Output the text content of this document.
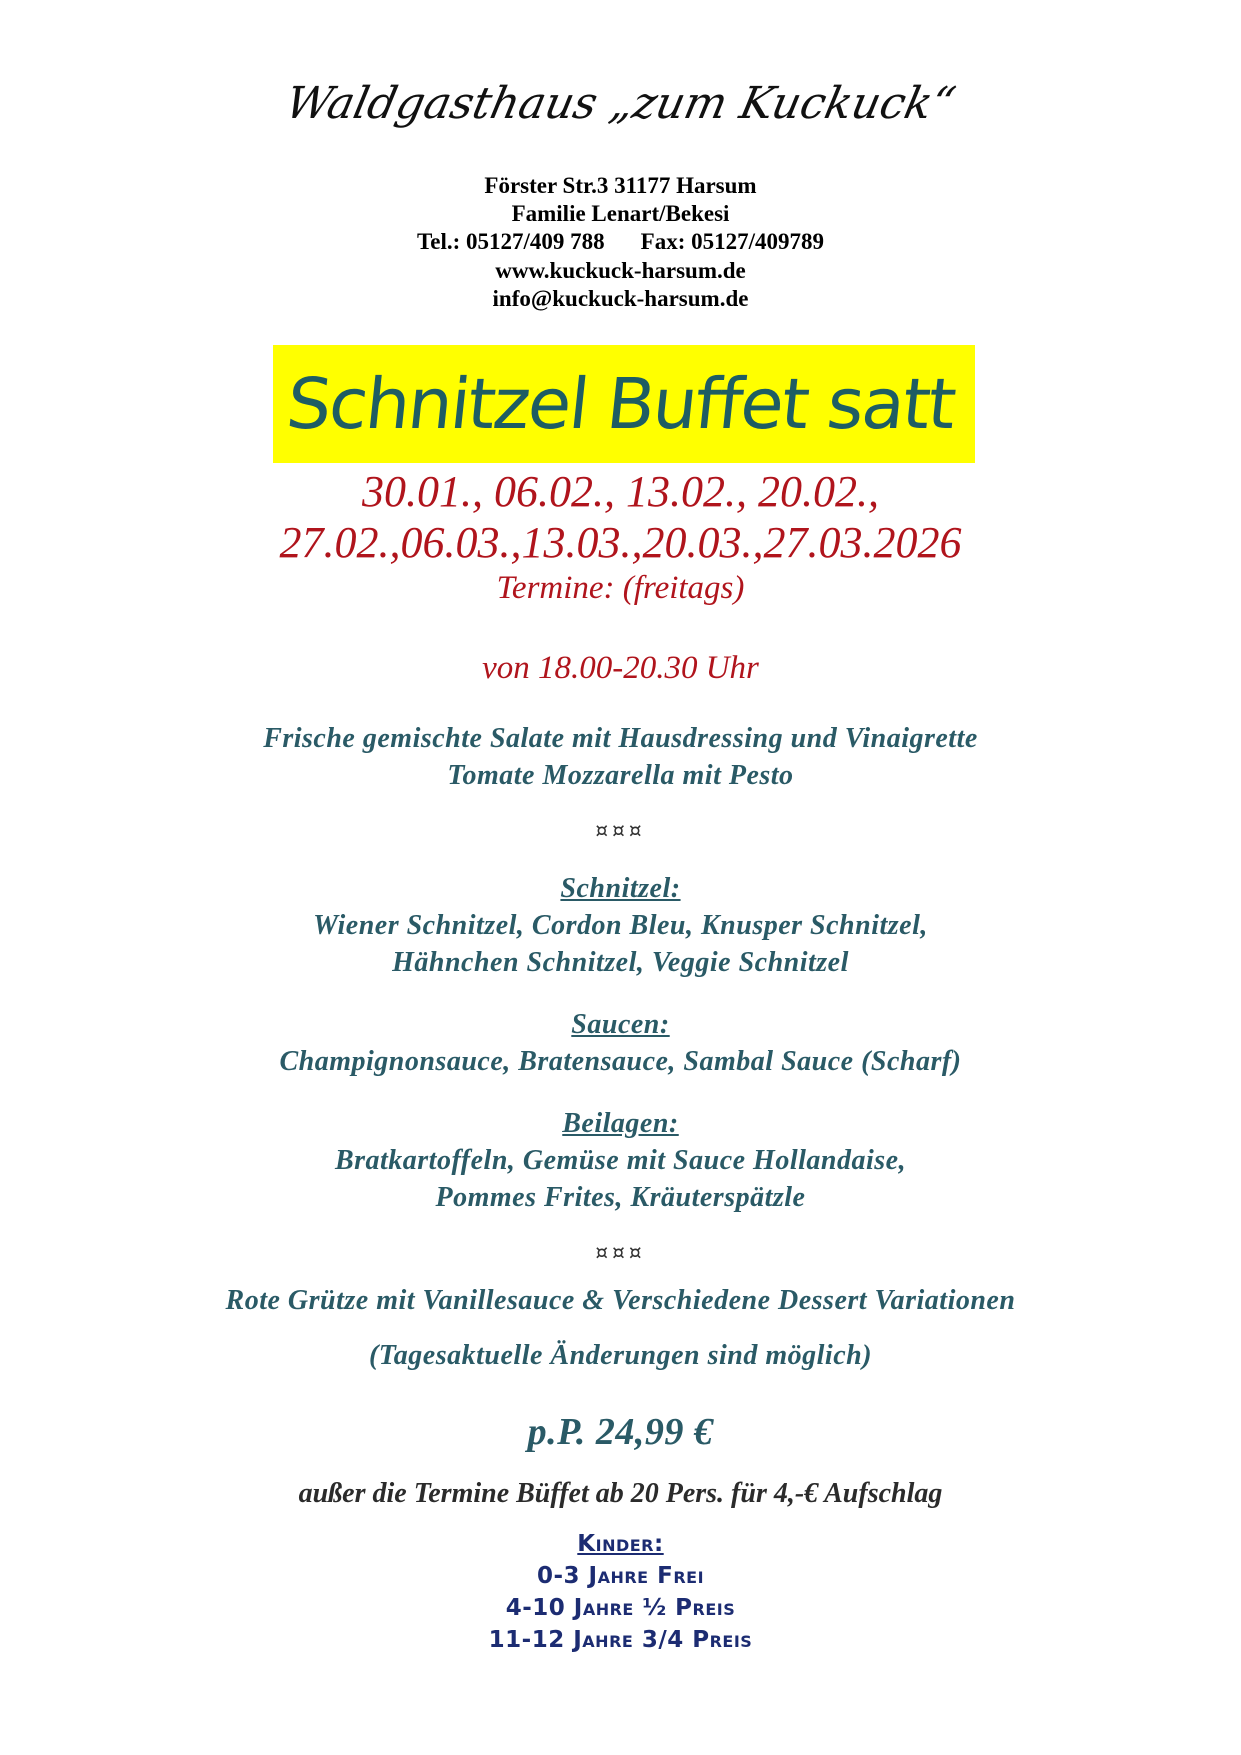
Waldgasthaus „zum Kuckuck“
Förster Str.3 31177 Harsum
Familie Lenart/Bekesi
Tel.: 05127/409 788 Fax: 05127/409789
www.kuckuck-harsum.de
info@kuckuck-harsum.de
Schnitzel Buffet satt
30.01., 06.02., 13.02., 20.02.,
27.02.,06.03.,13.03.,20.03.,27.03.2026
Termine: (freitags)
von 18.00-20.30 Uhr
Frische gemischte Salate mit Hausdressing und Vinaigrette
Tomate Mozzarella mit Pesto
¤¤¤
Schnitzel:
Wiener Schnitzel, Cordon Bleu, Knusper Schnitzel,
Hähnchen Schnitzel, Veggie Schnitzel
Saucen:
Champignonsauce, Bratensauce, Sambal Sauce (Scharf)
Beilagen:
Bratkartoffeln, Gemüse mit Sauce Hollandaise,
Pommes Frites, Kräuterspätzle
¤¤¤
Rote Grütze mit Vanillesauce & Verschiedene Dessert Variationen
(Tagesaktuelle Änderungen sind möglich)
p.P. 24,99 €
außer die Termine Büffet ab 20 Pers. für 4,-€ Aufschlag
Kinder:
0-3 Jahre Frei
4-10 Jahre ½ Preis
11-12 Jahre 3/4 Preis
